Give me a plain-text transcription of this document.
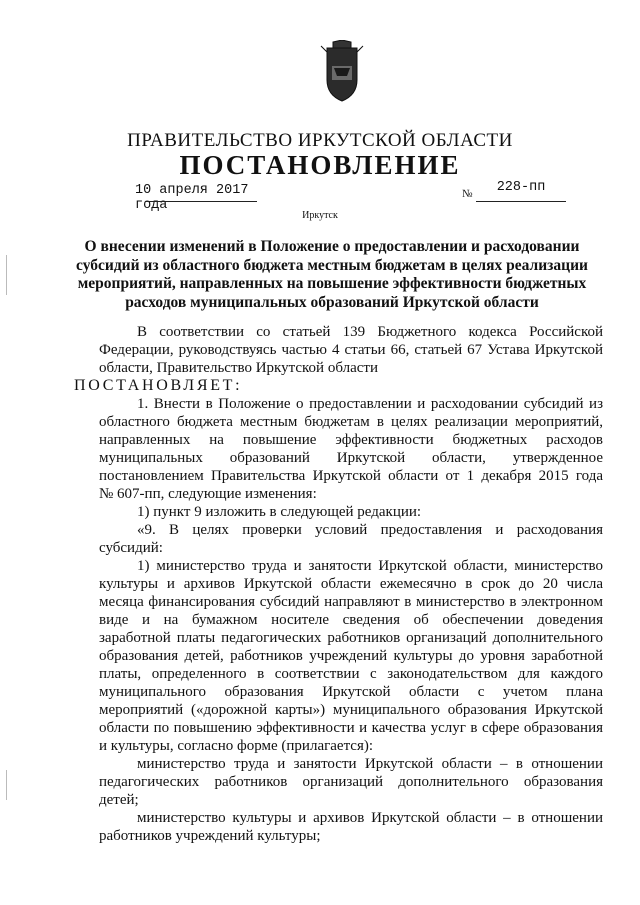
ПРАВИТЕЛЬСТВО ИРКУТСКОЙ ОБЛАСТИ
ПОСТАНОВЛЕНИЕ
10 апреля 2017 года
№	228-пп
Иркутск
О внесении изменений в Положение о предоставлении и расходовании субсидий из областного бюджета местным бюджетам в целях реализации мероприятий, направленных на повышение эффективности бюджетных расходов муниципальных образований Иркутской области
В соответствии со статьей 139 Бюджетного кодекса Российской
Федерации, руководствуясь частью 4 статьи 66, статьей 67 Устава Иркутской
области, Правительство Иркутской области
ПОСТАНОВЛЯЕТ:
1. Внести в Положение о предоставлении и расходовании субсидий из
областного бюджета местным бюджетам в целях реализации мероприятий,
направленных на повышение эффективности бюджетных расходов
муниципальных образований Иркутской области, утвержденное
постановлением Правительства Иркутской области от 1 декабря 2015 года
№ 607-пп, следующие изменения:
1) пункт 9 изложить в следующей редакции:
«9. В целях проверки условий предоставления и расходования
субсидий:
1) министерство труда и занятости Иркутской области, министерство
культуры и архивов Иркутской области ежемесячно в срок до 20 числа
месяца финансирования субсидий направляют в министерство в электронном
виде и на бумажном носителе сведения об обеспечении доведения
заработной платы педагогических работников организаций дополнительного
образования детей, работников учреждений культуры до уровня заработной
платы, определенного в соответствии с законодательством для каждого
муниципального образования Иркутской области с учетом плана
мероприятий («дорожной карты») муниципального образования Иркутской
области по повышению эффективности и качества услуг в сфере образования
и культуры, согласно форме (прилагается):
министерство труда и занятости Иркутской области – в отношении
педагогических работников организаций дополнительного образования
детей;
министерство культуры и архивов Иркутской области – в отношении
работников учреждений культуры;
